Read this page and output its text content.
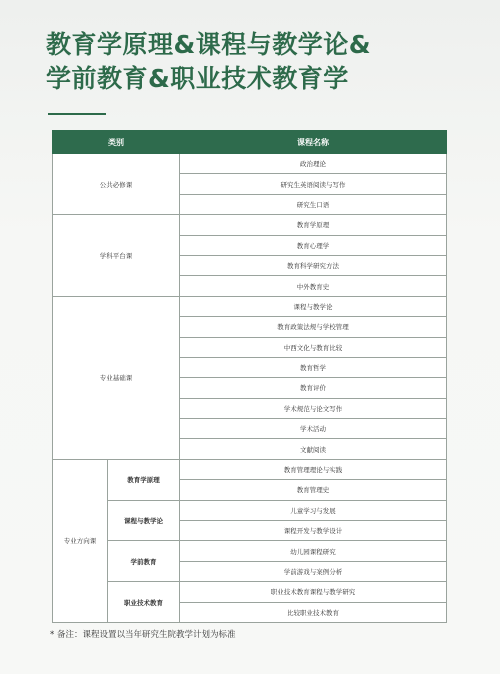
教育学原理&课程与教学论&
学前教育&职业技术教育学
类别		课程名称
公共必修课		政治理论
		研究生英语阅读与写作
		研究生口语
学科平台课		教育学原理
		教育心理学
		教育科学研究方法
		中外教育史
专业基础课		课程与教学论
		教育政策法规与学校管理
		中西文化与教育比较
		教育哲学
		教育评价
		学术规范与论文写作
		学术活动
		文献阅读
专业方向课	教育学原理	教育管理理论与实践
		教育管理史
	课程与教学论	儿童学习与发展
		课程开发与教学设计
	学前教育	幼儿园课程研究
		学前游戏与案例分析
	职业技术教育	职业技术教育课程与教学研究
		比较职业技术教育
* 备注：课程设置以当年研究生院教学计划为标准
